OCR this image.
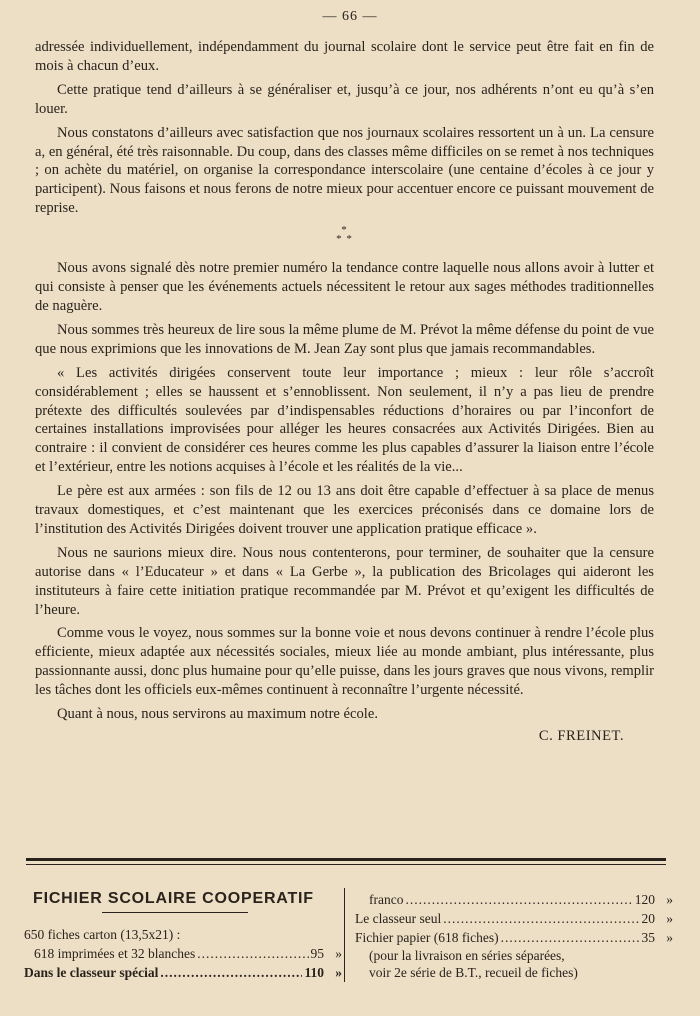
— 66 —

adressée individuellement, indépendamment du journal scolaire dont le service peut être fait en fin de mois à chacun d’eux.

Cette pratique tend d’ailleurs à se généraliser et, jusqu’à ce jour, nos adhérents n’ont eu qu’à s’en louer.

Nous constatons d’ailleurs avec satisfaction que nos journaux scolaires ressortent un à un. La censure a, en général, été très raisonnable. Du coup, dans des classes même difficiles on se remet à nos techniques ; on achète du matériel, on organise la correspondance interscolaire (une centaine d’écoles à ce jour y participent). Nous faisons et nous ferons de notre mieux pour accentuer encore ce puissant mouvement de reprise.

*
* *

Nous avons signalé dès notre premier numéro la tendance contre laquelle nous allons avoir à lutter et qui consiste à penser que les événements actuels nécessitent le retour aux sages méthodes traditionnelles de naguère.

Nous sommes très heureux de lire sous la même plume de M. Prévot la même défense du point de vue que nous exprimions que les innovations de M. Jean Zay sont plus que jamais recommandables.

« Les activités dirigées conservent toute leur importance ; mieux : leur rôle s’accroît considérablement ; elles se haussent et s’ennoblissent. Non seulement, il n’y a pas lieu de prendre prétexte des difficultés soulevées par d’indispensables réductions d’horaires ou par l’inconfort de certaines installations improvisées pour alléger les heures consacrées aux Activités Dirigées. Bien au contraire : il convient de considérer ces heures comme les plus capables d’assurer la liaison entre l’école et l’extérieur, entre les notions acquises à l’école et les réalités de la vie...

Le père est aux armées : son fils de 12 ou 13 ans doit être capable d’effectuer à sa place de menus travaux domestiques, et c’est maintenant que les exercices préconisés dans ce domaine lors de l’institution des Activités Dirigées doivent trouver une application pratique efficace ».

Nous ne saurions mieux dire. Nous nous contenterons, pour terminer, de souhaiter que la censure autorise dans « l’Educateur » et dans « La Gerbe », la publication des Bricolages qui aideront les instituteurs à faire cette initiation pratique recommandée par M. Prévot et qu’exigent les difficultés de l’heure.

Comme vous le voyez, nous sommes sur la bonne voie et nous devons continuer à rendre l’école plus efficiente, mieux adaptée aux nécessités sociales, mieux liée au monde ambiant, plus intéressante, plus passionnante aussi, donc plus humaine pour qu’elle puisse, dans les jours graves que nous vivons, remplir les tâches dont les officiels eux-mêmes continuent à reconnaître l’urgente nécessité.

Quant à nous, nous servirons au maximum notre école.

C. FREINET.
FICHIER SCOLAIRE COOPERATIF
650 fiches carton (13,5x21) :
618 imprimées et 32 blanches .....	95 »
Dans le classeur spécial .....	110 »
franco .....	120 »
Le classeur seul .....	20 »
Fichier papier (618 fiches) .....	35 »
(pour la livraison en séries séparées,
voir 2e série de B.T., recueil de fiches)
